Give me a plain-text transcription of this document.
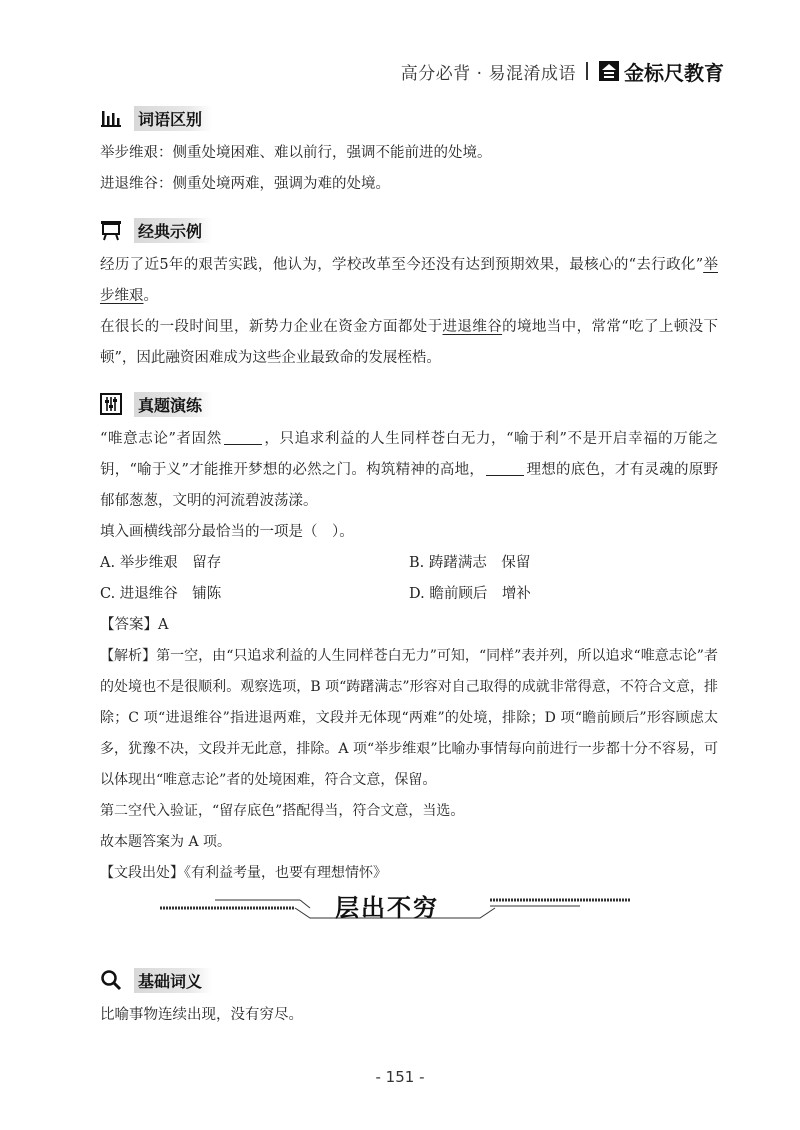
高分必背 · 易混淆成语 金标尺教育
词语区别

举步维艰：侧重处境困难、难以前行，强调不能前进的处境。

进退维谷：侧重处境两难，强调为难的处境。

经典示例

经历了近5年的艰苦实践，他认为，学校改革至今还没有达到预期效果，最核心的“去行政化”举步维艰。

在很长的一段时间里，新势力企业在资金方面都处于进退维谷的境地当中，常常“吃了上顿没下顿”，因此融资困难成为这些企业最致命的发展桎梏。

真题演练

“唯意志论”者固然	，只追求利益的人生同样苍白无力，“喻于利”不是开启幸福的万能之钥，“喻于义”才能推开梦想的必然之门。构筑精神的高地，	理想的底色，才有灵魂的原野郁郁葱葱，文明的河流碧波荡漾。

填入画横线部分最恰当的一项是（　）。

A. 举步维艰　留存	B. 踌躇满志　保留
C. 进退维谷　铺陈	D. 瞻前顾后　增补

【答案】A

【解析】第一空，由“只追求利益的人生同样苍白无力”可知，“同样”表并列，所以追求“唯意志论”者的处境也不是很顺利。观察选项，B 项“踌躇满志”形容对自己取得的成就非常得意，不符合文意，排除；C 项“进退维谷”指进退两难，文段并无体现“两难”的处境，排除；D 项“瞻前顾后”形容顾虑太多，犹豫不决，文段并无此意，排除。A 项“举步维艰”比喻办事情每向前进行一步都十分不容易，可以体现出“唯意志论”者的处境困难，符合文意，保留。

第二空代入验证，“留存底色”搭配得当，符合文意，当选。

故本题答案为 A 项。

【文段出处】《有利益考量，也要有理想情怀》

层出不穷
基础词义

比喻事物连续出现，没有穷尽。

- 151 -
